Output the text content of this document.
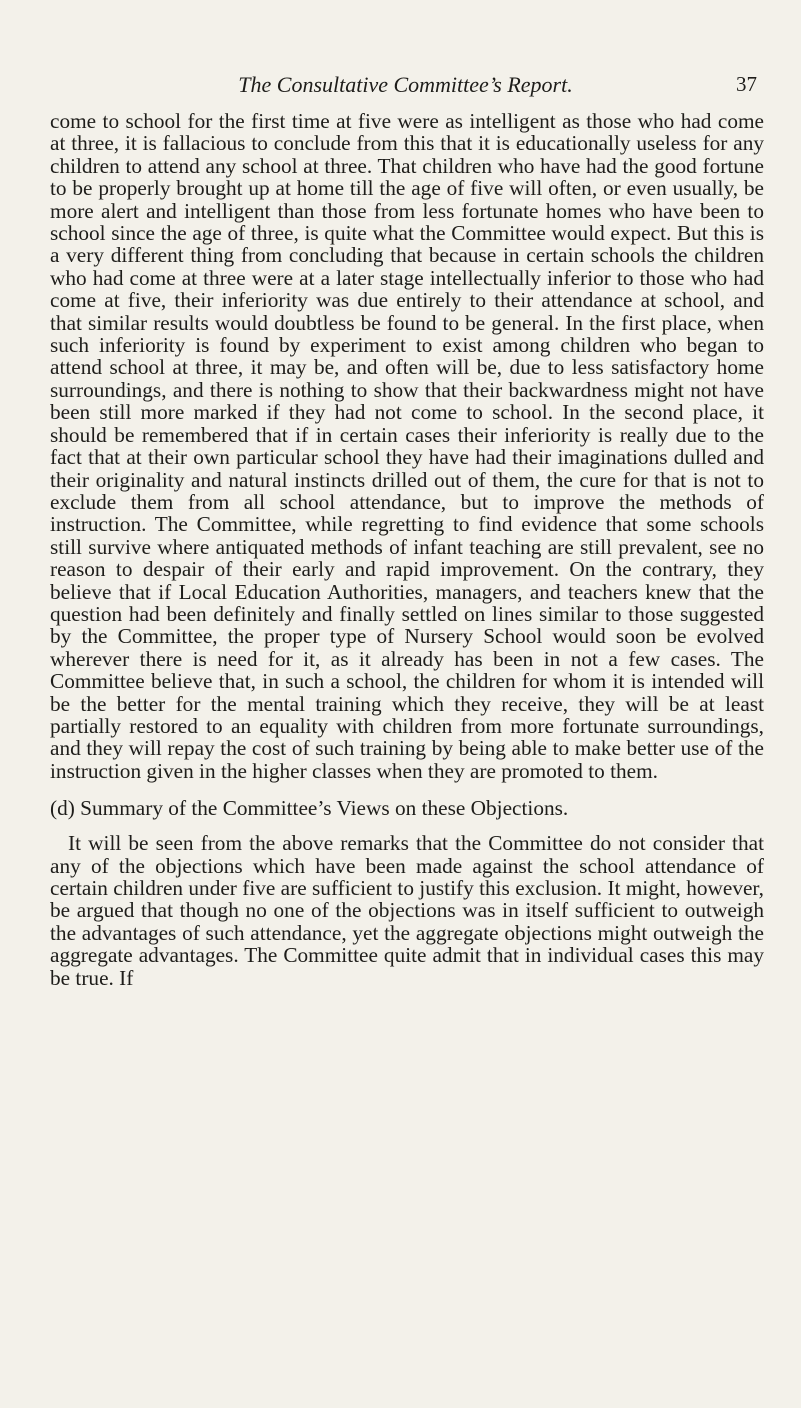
The Consultative Committee’s Report.	37

come to school for the first time at five were as intelligent as those who had come at three, it is fallacious to conclude from this that it is educationally useless for any children to attend any school at three. That children who have had the good fortune to be properly brought up at home till the age of five will often, or even usually, be more alert and intelligent than those from less fortunate homes who have been to school since the age of three, is quite what the Committee would expect. But this is a very different thing from concluding that because in certain schools the children who had come at three were at a later stage intellectually inferior to those who had come at five, their inferiority was due entirely to their attendance at school, and that similar results would doubtless be found to be general. In the first place, when such inferiority is found by experiment to exist among children who began to attend school at three, it may be, and often will be, due to less satisfactory home surroundings, and there is nothing to show that their backwardness might not have been still more marked if they had not come to school. In the second place, it should be remembered that if in certain cases their inferiority is really due to the fact that at their own particular school they have had their imaginations dulled and their originality and natural instincts drilled out of them, the cure for that is not to exclude them from all school attendance, but to improve the methods of instruction. The Committee, while regretting to find evidence that some schools still survive where antiquated methods of infant teaching are still prevalent, see no reason to despair of their early and rapid improvement. On the contrary, they believe that if Local Education Authorities, managers, and teachers knew that the question had been definitely and finally settled on lines similar to those suggested by the Committee, the proper type of Nursery School would soon be evolved wherever there is need for it, as it already has been in not a few cases. The Committee believe that, in such a school, the children for whom it is intended will be the better for the mental training which they receive, they will be at least partially restored to an equality with children from more fortunate surroundings, and they will repay the cost of such training by being able to make better use of the instruction given in the higher classes when they are promoted to them.

(d) Summary of the Committee’s Views on these Objections.

It will be seen from the above remarks that the Committee do not consider that any of the objections which have been made against the school attendance of certain children under five are sufficient to justify this exclusion. It might, however, be argued that though no one of the objections was in itself sufficient to outweigh the advantages of such attendance, yet the aggregate objections might outweigh the aggregate advantages. The Committee quite admit that in individual cases this may be true. If
